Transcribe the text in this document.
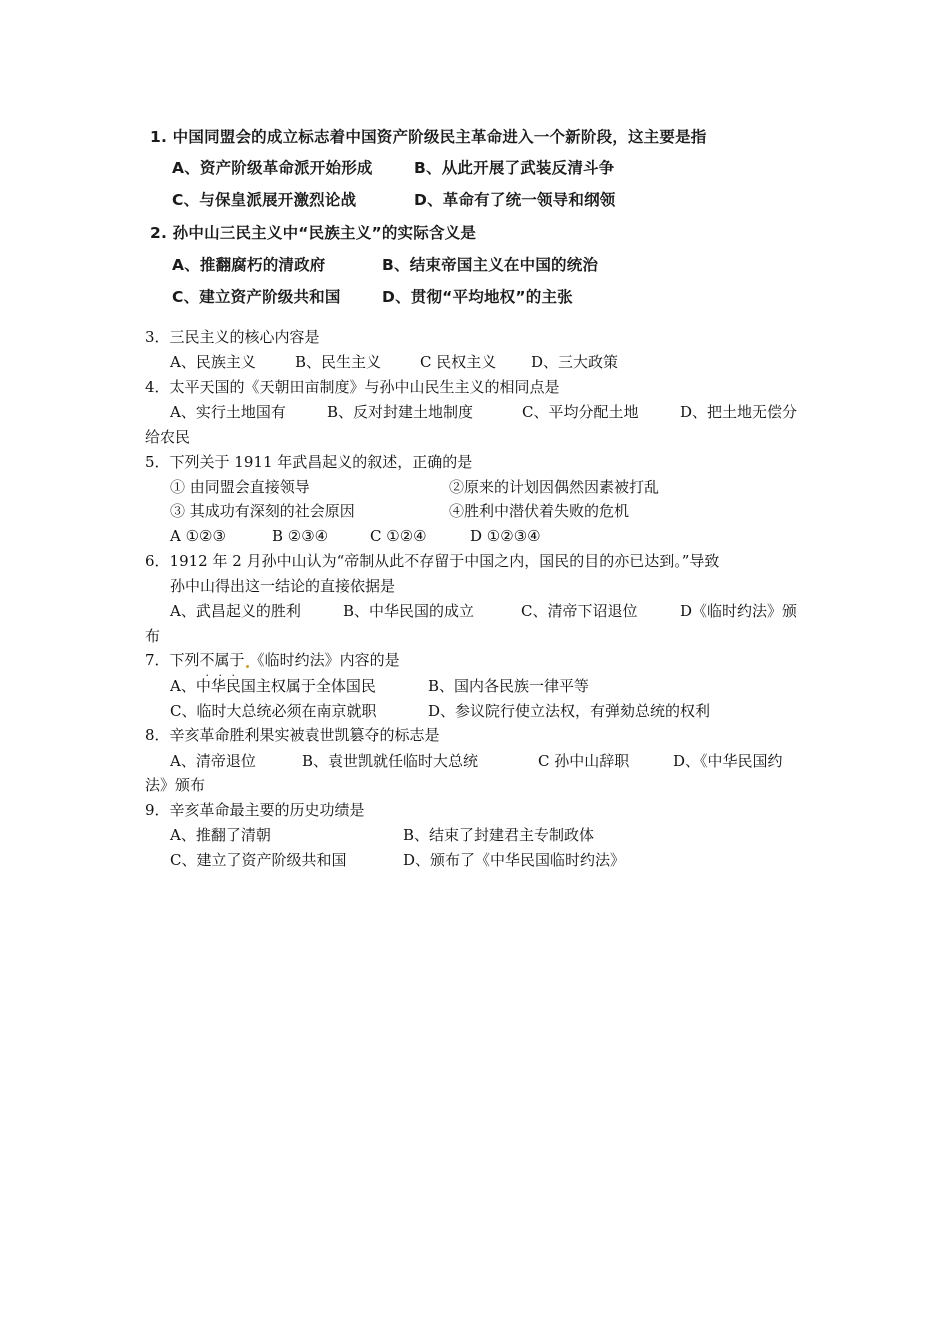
1. 中国同盟会的成立标志着中国资产阶级民主革命进入一个新阶段，这主要是指
A、资产阶级革命派开始形成	B、从此开展了武装反清斗争
C、与保皇派展开激烈论战	D、革命有了统一领导和纲领
2. 孙中山三民主义中“民族主义”的实际含义是
A、推翻腐朽的清政府	B、结束帝国主义在中国的统治
C、建立资产阶级共和国	D、贯彻“平均地权”的主张
3．三民主义的核心内容是
A、民族主义	B、民生主义	C 民权主义 D、三大政策
4．太平天国的《天朝田亩制度》与孙中山民生主义的相同点是
A、实行土地国有	B、反对封建土地制度	C、平均分配土地	D、把土地无偿分
给农民
5．下列关于 1911 年武昌起义的叙述，正确的是
① 由同盟会直接领导	②原来的计划因偶然因素被打乱
③ 其成功有深刻的社会原因	④胜利中潜伏着失败的危机
A ①②③	B ②③④	C ①②④	D ①②③④
6．1912 年 2 月孙中山认为“帝制从此不存留于中国之内，国民的目的亦已达到。”导致
孙中山得出这一结论的直接依据是
A、武昌起义的胜利	B、中华民国的成立	C、清帝下诏退位	D《临时约法》颁
布
7．下列不属于 · · · 《临时约法》内容的是
A、中华民国主权属于全体国民	B、国内各民族一律平等
C、临时大总统必须在南京就职	D、参议院行使立法权，有弹劾总统的权利
8．辛亥革命胜利果实被袁世凯篡夺的标志是
A、清帝退位	B、袁世凯就任临时大总统	C 孙中山辞职	D、《中华民国约
法》颁布
9．辛亥革命最主要的历史功绩是
A、推翻了清朝	B、结束了封建君主专制政体
C、建立了资产阶级共和国	D、颁布了《中华民国临时约法》
